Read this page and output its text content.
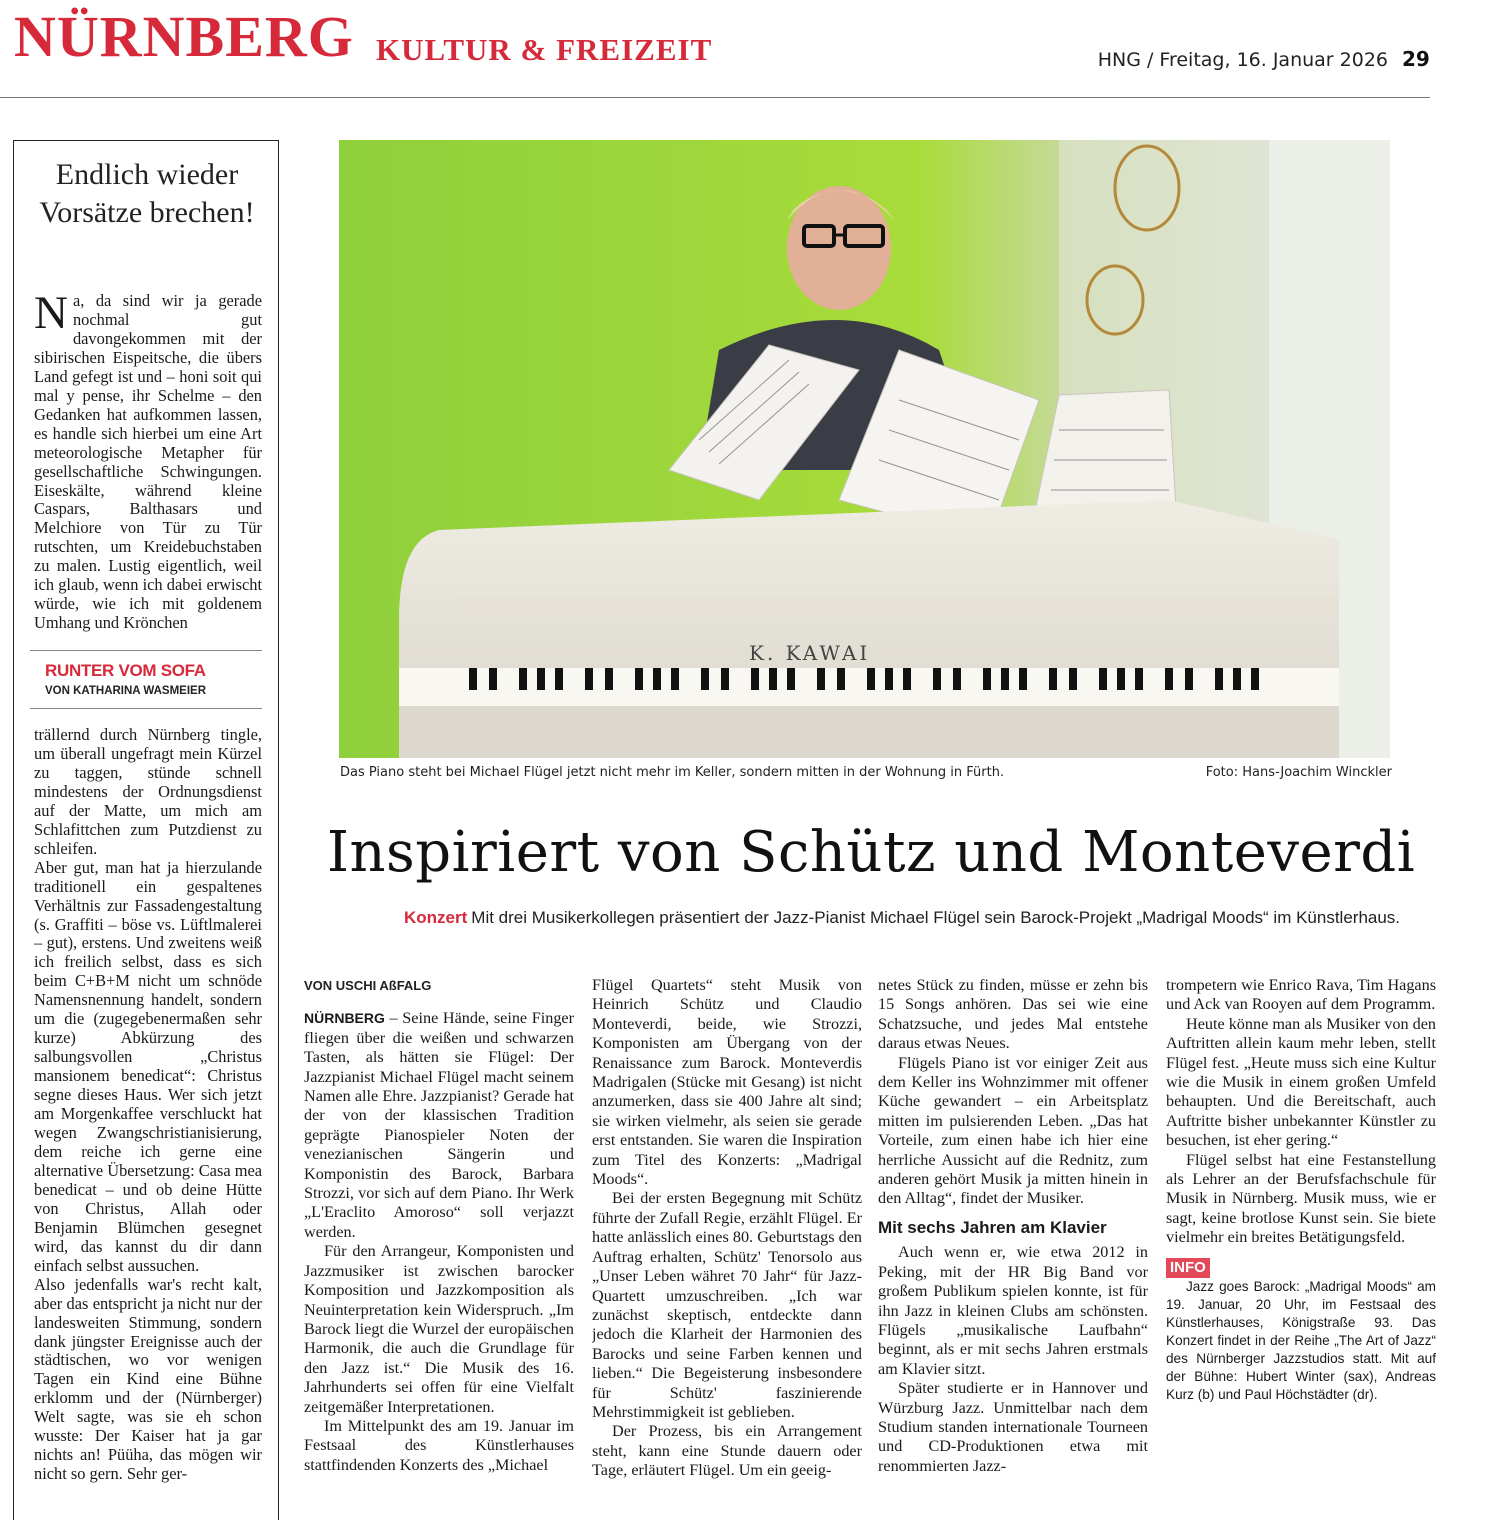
NÜRNBERG KULTUR & FREIZEIT	HNG / Freitag, 16. Januar 2026 29
Endlich wieder Vorsätze brechen!

Na, da sind wir ja gerade nochmal gut davongekommen mit der sibirischen Eispeitsche, die übers Land gefegt ist und – honi soit qui mal y pense, ihr Schelme – den Gedanken hat aufkommen lassen, es handle sich hierbei um eine Art meteorologische Metapher für gesellschaftliche Schwingungen. Eiseskälte, während kleine Caspars, Balthasars und Melchiore von Tür zu Tür rutschten, um Kreidebuchstaben zu malen. Lustig eigentlich, weil ich glaub, wenn ich dabei erwischt würde, wie ich mit goldenem Umhang und Krönchen

RUNTER VOM SOFA
VON KATHARINA WASMEIER

trällernd durch Nürnberg tingle, um überall ungefragt mein Kürzel zu taggen, stünde schnell mindestens der Ordnungsdienst auf der Matte, um mich am Schlafittchen zum Putzdienst zu schleifen.

Aber gut, man hat ja hierzulande traditionell ein gespaltenes Verhältnis zur Fassadengestaltung (s. Graffiti – böse vs. Lüftlmalerei – gut), erstens. Und zweitens weiß ich freilich selbst, dass es sich beim C+B+M nicht um schnöde Namensnennung handelt, sondern um die (zugegebenermaßen sehr kurze) Abkürzung des salbungsvollen „Christus mansionem benedicat“: Christus segne dieses Haus. Wer sich jetzt am Morgenkaffee verschluckt hat wegen Zwangschristianisierung, dem reiche ich gerne eine alternative Übersetzung: Casa mea benedicat – und ob deine Hütte von Christus, Allah oder Benjamin Blümchen gesegnet wird, das kannst du dir dann einfach selbst aussuchen.

Also jedenfalls war's recht kalt, aber das entspricht ja nicht nur der landesweiten Stimmung, sondern dank jüngster Ereignisse auch der städtischen, wo vor wenigen Tagen ein Kind eine Bühne erklomm und der (Nürnberger) Welt sagte, was sie eh schon wusste: Der Kaiser hat ja gar nichts an! Püüha, das mögen wir nicht so gern. Sehr ger-

K. KAWAI
Das Piano steht bei Michael Flügel jetzt nicht mehr im Keller, sondern mitten in der Wohnung in Fürth.	Foto: Hans-Joachim Winckler
Inspiriert von Schütz und Monteverdi
Konzert Mit drei Musikerkollegen präsentiert der Jazz-Pianist Michael Flügel sein Barock-Projekt „Madrigal Moods“ im Künstlerhaus.

VON USCHI AßFALG

NÜRNBERG – Seine Hände, seine Finger fliegen über die weißen und schwarzen Tasten, als hätten sie Flügel: Der Jazzpianist Michael Flügel macht seinem Namen alle Ehre. Jazzpianist? Gerade hat der von der klassischen Tradition geprägte Pianospieler Noten der venezianischen Sängerin und Komponistin des Barock, Barbara Strozzi, vor sich auf dem Piano. Ihr Werk „L'Eraclito Amoroso“ soll verjazzt werden.

Für den Arrangeur, Komponisten und Jazzmusiker ist zwischen barocker Komposition und Jazzkomposition als Neuinterpretation kein Widerspruch. „Im Barock liegt die Wurzel der europäischen Harmonik, die auch die Grundlage für den Jazz ist.“ Die Musik des 16. Jahrhunderts sei offen für eine Vielfalt zeitgemäßer Interpretationen.

Im Mittelpunkt des am 19. Januar im Festsaal des Künstlerhauses stattfindenden Konzerts des „Michael

Flügel Quartets“ steht Musik von Heinrich Schütz und Claudio Monteverdi, beide, wie Strozzi, Komponisten am Übergang von der Renaissance zum Barock. Monteverdis Madrigalen (Stücke mit Gesang) ist nicht anzumerken, dass sie 400 Jahre alt sind; sie wirken vielmehr, als seien sie gerade erst entstanden. Sie waren die Inspiration zum Titel des Konzerts: „Madrigal Moods“.

Bei der ersten Begegnung mit Schütz führte der Zufall Regie, erzählt Flügel. Er hatte anlässlich eines 80. Geburtstags den Auftrag erhalten, Schütz' Tenorsolo aus „Unser Leben währet 70 Jahr“ für Jazz-Quartett umzuschreiben. „Ich war zunächst skeptisch, entdeckte dann jedoch die Klarheit der Harmonien des Barocks und seine Farben kennen und lieben.“ Die Begeisterung insbesondere für Schütz' faszinierende Mehrstimmigkeit ist geblieben.

Der Prozess, bis ein Arrangement steht, kann eine Stunde dauern oder Tage, erläutert Flügel. Um ein geeig-

netes Stück zu finden, müsse er zehn bis 15 Songs anhören. Das sei wie eine Schatzsuche, und jedes Mal entstehe daraus etwas Neues.

Flügels Piano ist vor einiger Zeit aus dem Keller ins Wohnzimmer mit offener Küche gewandert – ein Arbeitsplatz mitten im pulsierenden Leben. „Das hat Vorteile, zum einen habe ich hier eine herrliche Aussicht auf die Rednitz, zum anderen gehört Musik ja mitten hinein in den Alltag“, findet der Musiker.

Mit sechs Jahren am Klavier

Auch wenn er, wie etwa 2012 in Peking, mit der HR Big Band vor großem Publikum spielen konnte, ist für ihn Jazz in kleinen Clubs am schönsten. Flügels „musikalische Laufbahn“ beginnt, als er mit sechs Jahren erstmals am Klavier sitzt.

Später studierte er in Hannover und Würzburg Jazz. Unmittelbar nach dem Studium standen internationale Tourneen und CD-Produktionen etwa mit renommierten Jazz-

trompetern wie Enrico Rava, Tim Hagans und Ack van Rooyen auf dem Programm.

Heute könne man als Musiker von den Auftritten allein kaum mehr leben, stellt Flügel fest. „Heute muss sich eine Kultur wie die Musik in einem großen Umfeld behaupten. Und die Bereitschaft, auch Auftritte bisher unbekannter Künstler zu besuchen, ist eher gering.“

Flügel selbst hat eine Festanstellung als Lehrer an der Berufsfachschule für Musik in Nürnberg. Musik muss, wie er sagt, keine brotlose Kunst sein. Sie biete vielmehr ein breites Betätigungsfeld.

INFO

Jazz goes Barock: „Madrigal Moods“ am 19. Januar, 20 Uhr, im Festsaal des Künstlerhauses, Königstraße 93. Das Konzert findet in der Reihe „The Art of Jazz“ des Nürnberger Jazzstudios statt. Mit auf der Bühne: Hubert Winter (sax), Andreas Kurz (b) und Paul Höchstädter (dr).
